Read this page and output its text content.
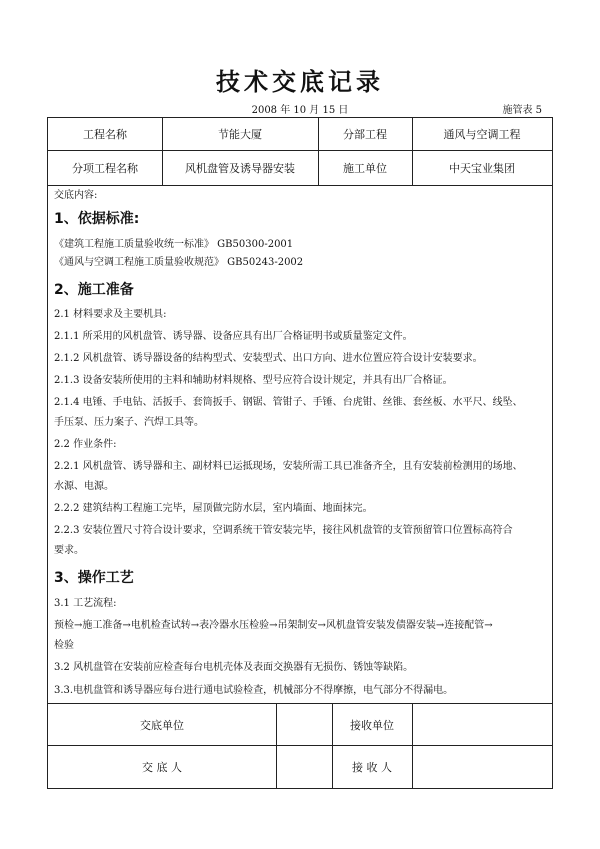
技术交底记录
2008 年 10 月 15 日	施管表 5
工程名称	节能大厦	分部工程	通风与空调工程
分项工程名称	风机盘管及诱导器安装	施工单位	中天宝业集团
交底内容:
1、依据标准:
《建筑工程施工质量验收统一标准》 GB50300-2001
《通风与空调工程施工质量验收规范》 GB50243-2002
2、施工准备
2.1 材料要求及主要机具:
2.1.1 所采用的风机盘管、诱导器、设备应具有出厂合格证明书或质量鉴定文件。
2.1.2 风机盘管、诱导器设备的结构型式、安装型式、出口方向、进水位置应符合设计安装要求。
2.1.3 设备安装所使用的主料和辅助材料规格、型号应符合设计规定，并具有出厂合格证。
2.1.4 电锤、手电钻、活扳手、套筒扳手、钢锯、管钳子、手锤、台虎钳、丝锥、套丝板、水平尺、线坠、
手压泵、压力案子、汽焊工具等。
2.2 作业条件:
2.2.1 风机盘管、诱导器和主、副材料已运抵现场，安装所需工具已准备齐全，且有安装前检测用的场地、
水源、电源。
2.2.2 建筑结构工程施工完毕，屋顶做完防水层，室内墙面、地面抹完。
2.2.3 安装位置尺寸符合设计要求，空调系统干管安装完毕，接往风机盘管的支管预留管口位置标高符合
要求。
3、操作工艺
3.1 工艺流程:
预检→施工准备→电机检查试转→表冷器水压检验→吊架制安→风机盘管安装发债器安装→连接配管→
检验
3.2 风机盘管在安装前应检查每台电机壳体及表面交换器有无损伤、锈蚀等缺陷。
3.3.电机盘管和诱导器应每台进行通电试验检查，机械部分不得摩擦，电气部分不得漏电。
交底单位	接收单位
交 底 人	接 收 人
